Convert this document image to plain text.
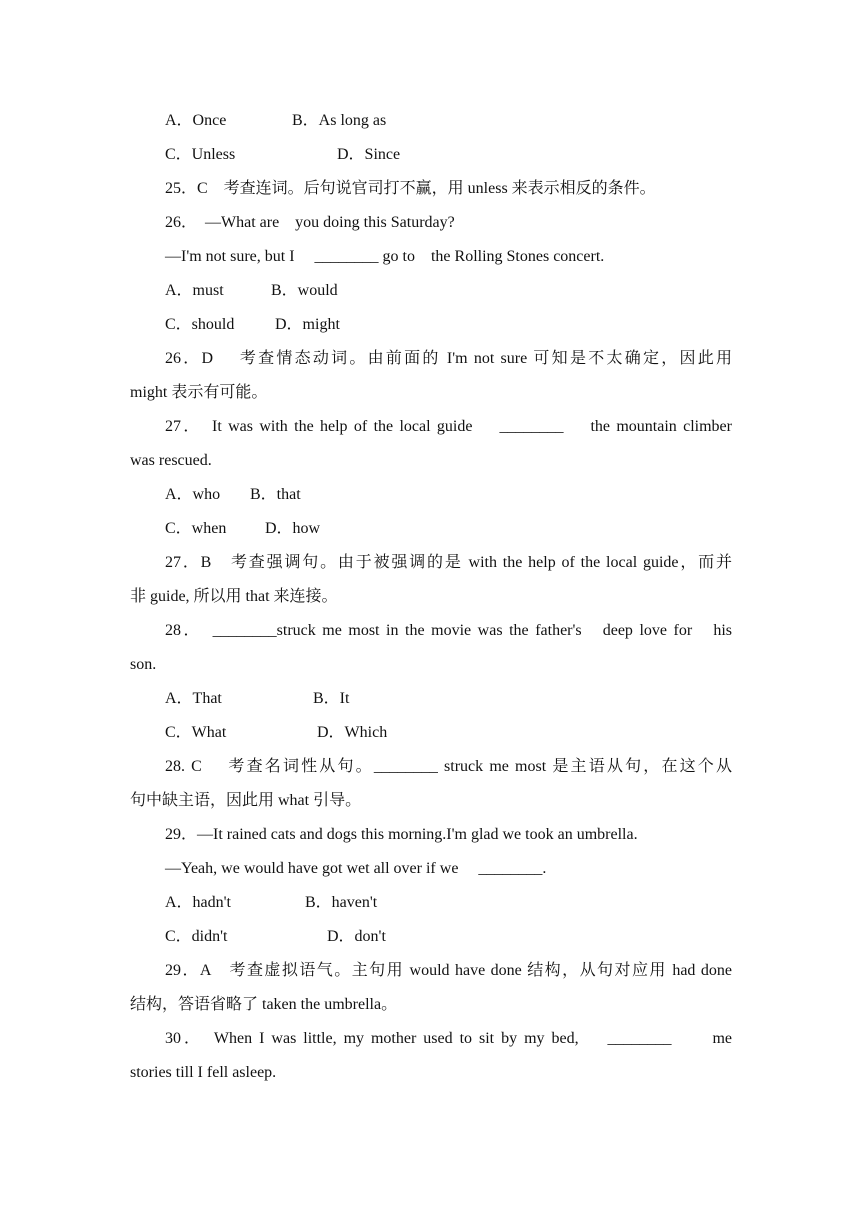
A．Once	B．As long as
C．Unless	D．Since
25．C　考查连词。后句说官司打不赢，用 unless 来表示相反的条件。
26．　—What are　you doing this Saturday?
—I'm not sure, but I　 ________ go to　the Rolling Stones concert.
A．must	B．would
C．should	D．might
26．D　 考查情态动词。由前面的 I'm not sure 可知是不太确定，因此用
might 表示有可能。
27．　It was with the help of the local guide　 ________　 the mountain climber
was rescued.
A．who B．that
C．when D．how
27．B　考查强调句。由于被强调的是 with the help of the local guide，而并
非 guide, 所以用 that 来连接。
28．　________struck me most in the movie was the father's　deep love for　his
son.
A．That	B．It
C．What	D．Which
28. C　 考查名词性从句。________ struck me most 是主语从句，在这个从
句中缺主语，因此用 what 引导。
29．—It rained cats and dogs this morning.I'm glad we took an umbrella.
—Yeah, we would have got wet all over if we　 ________.
A．hadn't	B．haven't
C．didn't	D．don't
29．A　考查虚拟语气。主句用 would have done 结构，从句对应用 had done
结构，答语省略了 taken the umbrella。
30．　When I was little, my mother used to sit by my bed,　 ________　　me
stories till I fell asleep.
